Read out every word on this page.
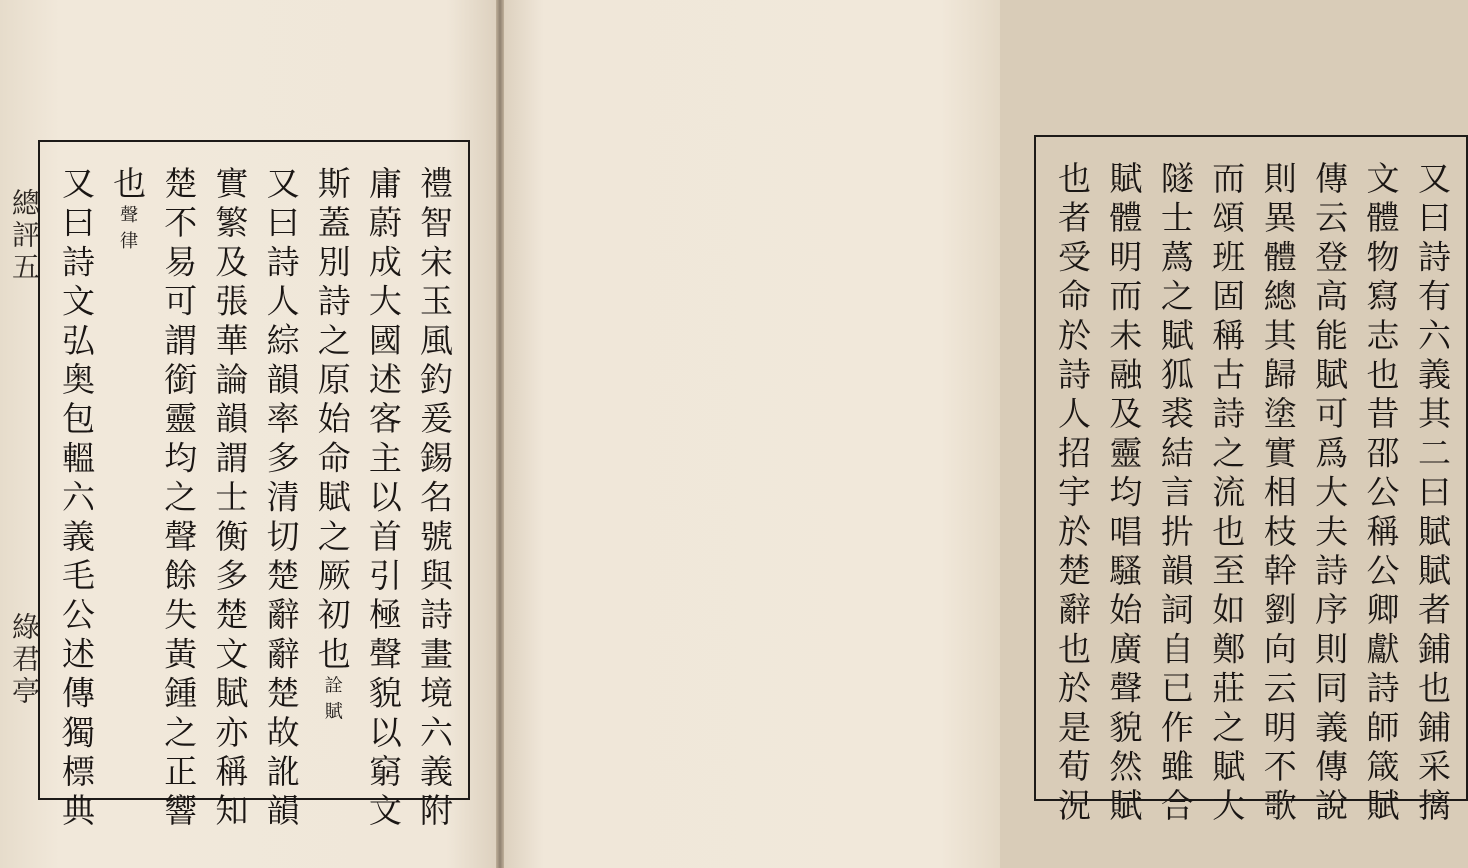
總評五
綠君亭	禮智宋玉風釣爰錫名號與詩畫境六義附
庸蔚成大國述客主以首引極聲貌以窮文
斯蓋別詩之原始命賦之厥初也詮賦
又曰詩人綜韻率多清切楚辭辭楚故訛韻
實繁及張華論韻謂士衡多楚文賦亦稱知
楚不易可謂銜靈均之聲餘失黃鍾之正響
也聲律
又曰詩文弘奥包轀六義毛公述傳獨標典	又曰詩有六義其二曰賦賦者鋪也鋪采摛
文體物寫志也昔邵公稱公卿獻詩師箴賦
傳云登高能賦可爲大夫詩序則同義傳說
則異體總其歸塗實相枝幹劉向云明不歌
而頌班固稱古詩之流也至如鄭莊之賦大
隧士蔿之賦狐裘結言扸韻詞自已作雖合
賦體明而未融及靈均唱騷始廣聲貌然賦
也者受命於詩人招宇於楚辭也於是荀況
